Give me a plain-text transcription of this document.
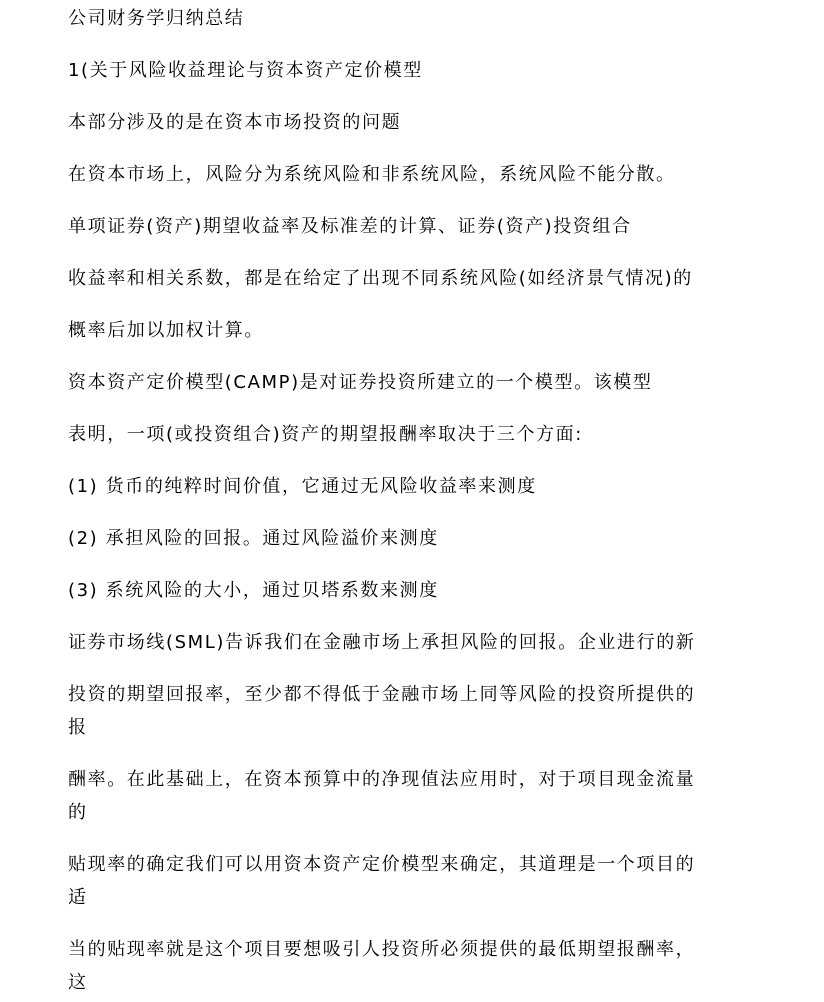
公司财务学归纳总结
1(关于风险收益理论与资本资产定价模型
本部分涉及的是在资本市场投资的问题
在资本市场上，风险分为系统风险和非系统风险，系统风险不能分散。
单项证券(资产)期望收益率及标准差的计算、证券(资产)投资组合
收益率和相关系数，都是在给定了出现不同系统风险(如经济景气情况)的
概率后加以加权计算。
资本资产定价模型(CAMP)是对证券投资所建立的一个模型。该模型
表明，一项(或投资组合)资产的期望报酬率取决于三个方面:
(1) 货币的纯粹时间价值，它通过无风险收益率来测度
(2) 承担风险的回报。通过风险溢价来测度
(3) 系统风险的大小，通过贝塔系数来测度
证券市场线(SML)告诉我们在金融市场上承担风险的回报。企业进行的新
投资的期望回报率，至少都不得低于金融市场上同等风险的投资所提供的
报
酬率。在此基础上，在资本预算中的净现值法应用时，对于项目现金流量
的
贴现率的确定我们可以用资本资产定价模型来确定，其道理是一个项目的
适
当的贴现率就是这个项目要想吸引人投资所必须提供的最低期望报酬率，
这
